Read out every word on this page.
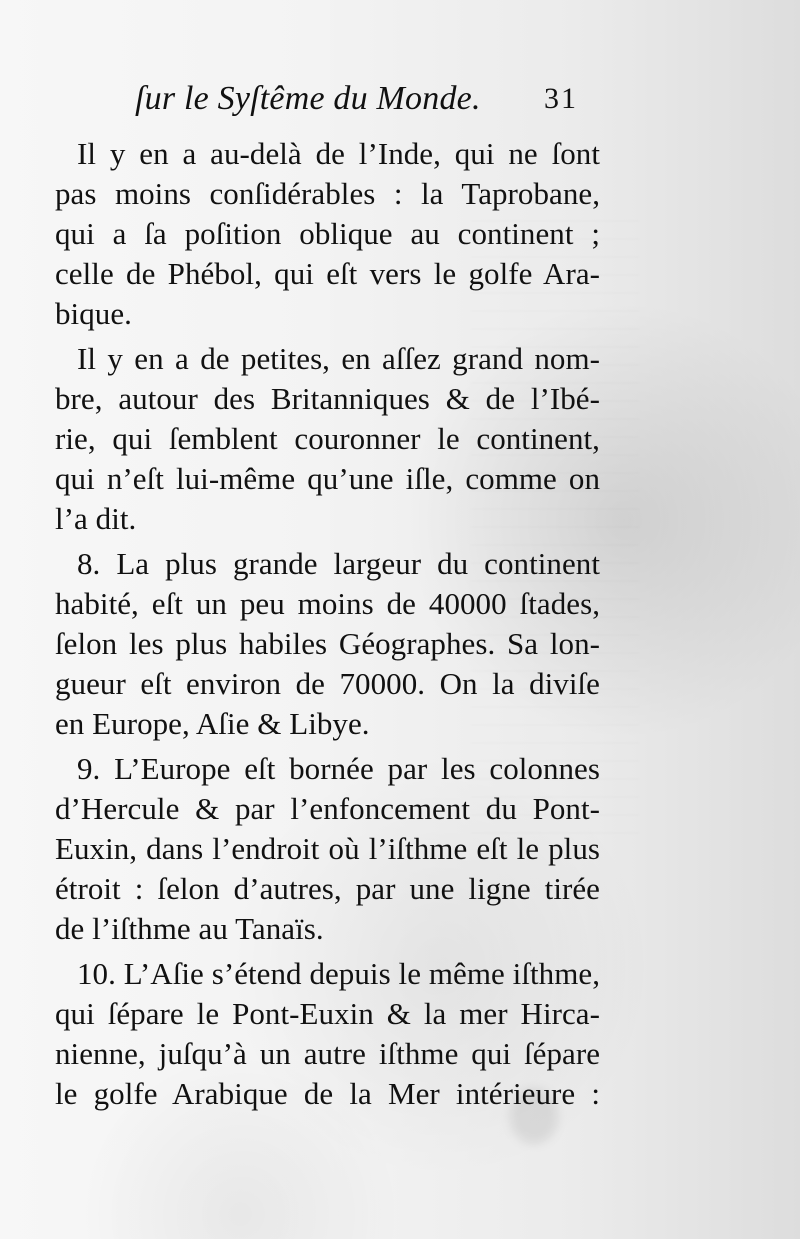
ſur le Syſtême du Monde. 31
Il y en a au-delà de l’Inde, qui ne ſont
pas moins conſidérables : la Taprobane,
qui a ſa poſition oblique au continent ;
celle de Phébol, qui eſt vers le golfe Ara-
bique.
Il y en a de petites, en aſſez grand nom-
bre, autour des Britanniques & de l’Ibé-
rie, qui ſemblent couronner le continent,
qui n’eſt lui-même qu’une iſle, comme on
l’a dit.
8. La plus grande largeur du continent
habité, eſt un peu moins de 40000 ſtades,
ſelon les plus habiles Géographes. Sa lon-
gueur eſt environ de 70000. On la diviſe
en Europe, Aſie & Libye.
9. L’Europe eſt bornée par les colonnes
d’Hercule & par l’enfoncement du Pont-
Euxin, dans l’endroit où l’iſthme eſt le plus
étroit : ſelon d’autres, par une ligne tirée
de l’iſthme au Tanaïs.
10. L’Aſie s’étend depuis le même iſthme,
qui ſépare le Pont-Euxin & la mer Hirca-
nienne, juſqu’à un autre iſthme qui ſépare
le golfe Arabique de la Mer intérieure :
